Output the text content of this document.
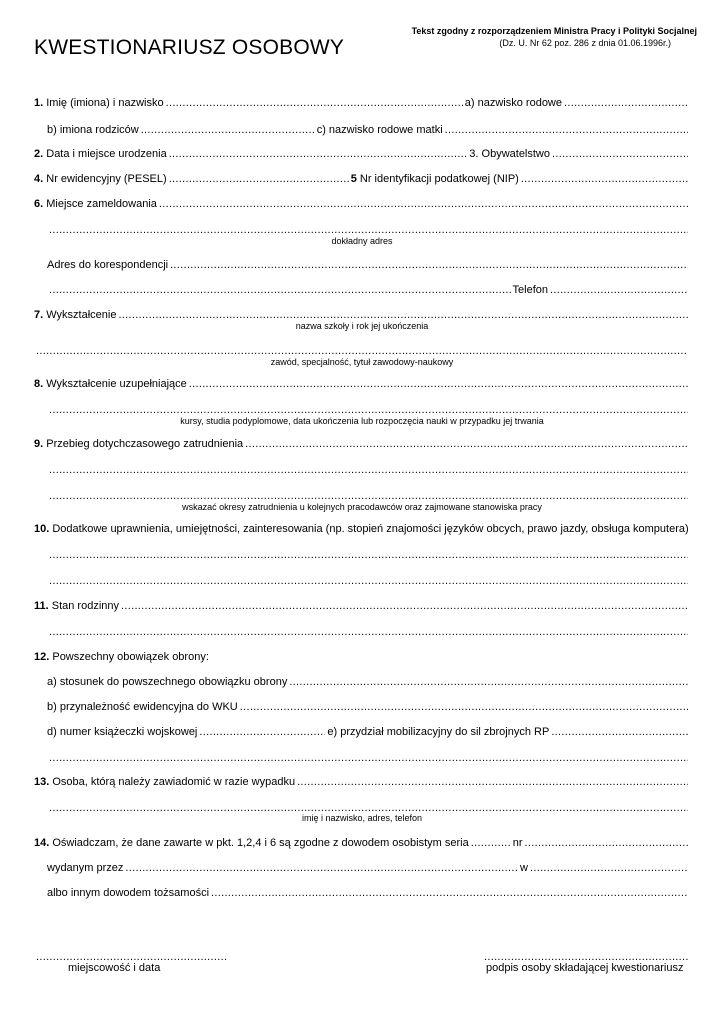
KWESTIONARIUSZ OSOBOWY
Tekst zgodny z rozporządzeniem Ministra Pracy i Polityki Socjalnej
(Dz. U. Nr 62 poz. 286 z dnia 01.06.1996r.)
1. Imię (imiona) i nazwisko .....	a) nazwisko rodowe
.....
b) imiona rodziców .....	c) nazwisko rodowe matki
.....
2. Data i miejsce urodzenia .....	3. Obywatelstwo
.....
4. Nr ewidencyjny (PESEL) .....	5 Nr identyfikacji podatkowej (NIP)
.....
6. Miejsce zameldowania
.....
.....
dokładny adres
Adres do korespondencji
.....
.....
Telefon
.....
7. Wykształcenie
.....
nazwa szkoły i rok jej ukończenia
.....
zawód, specjalność, tytuł zawodowy-naukowy
8. Wykształcenie uzupełniające
.....
.....
kursy, studia podyplomowe, data ukończenia lub rozpoczęcia nauki w przypadku jej trwania
9. Przebieg dotychczasowego zatrudnienia
.....
.....
.....
wskazać okresy zatrudnienia u kolejnych pracodawców oraz zajmowane stanowiska pracy
10. Dodatkowe uprawnienia, umiejętności, zainteresowania (np. stopień znajomości języków obcych, prawo jazdy, obsługa komputera)
.....
.....
11. Stan rodzinny
.....
.....
12. Powszechny obowiązek obrony:
a) stosunek do powszechnego obowiązku obrony
.....
b) przynależność ewidencyjna do WKU
.....
d) numer książeczki wojskowej .....	e) przydział mobilizacyjny do sil zbrojnych RP
.....
.....
13. Osoba, którą należy zawiadomić w razie wypadku
.....
.....
imię i nazwisko, adres, telefon
14. Oświadczam, że dane zawarte w pkt. 1,2,4 i 6 są zgodne z dowodem osobistym seria .....	nr
.....
wydanym przez .....	w
.....
albo innym dowodem tożsamości
.....
.....
miejscowość i data
.....	podpis osoby składającej kwestionariusz
